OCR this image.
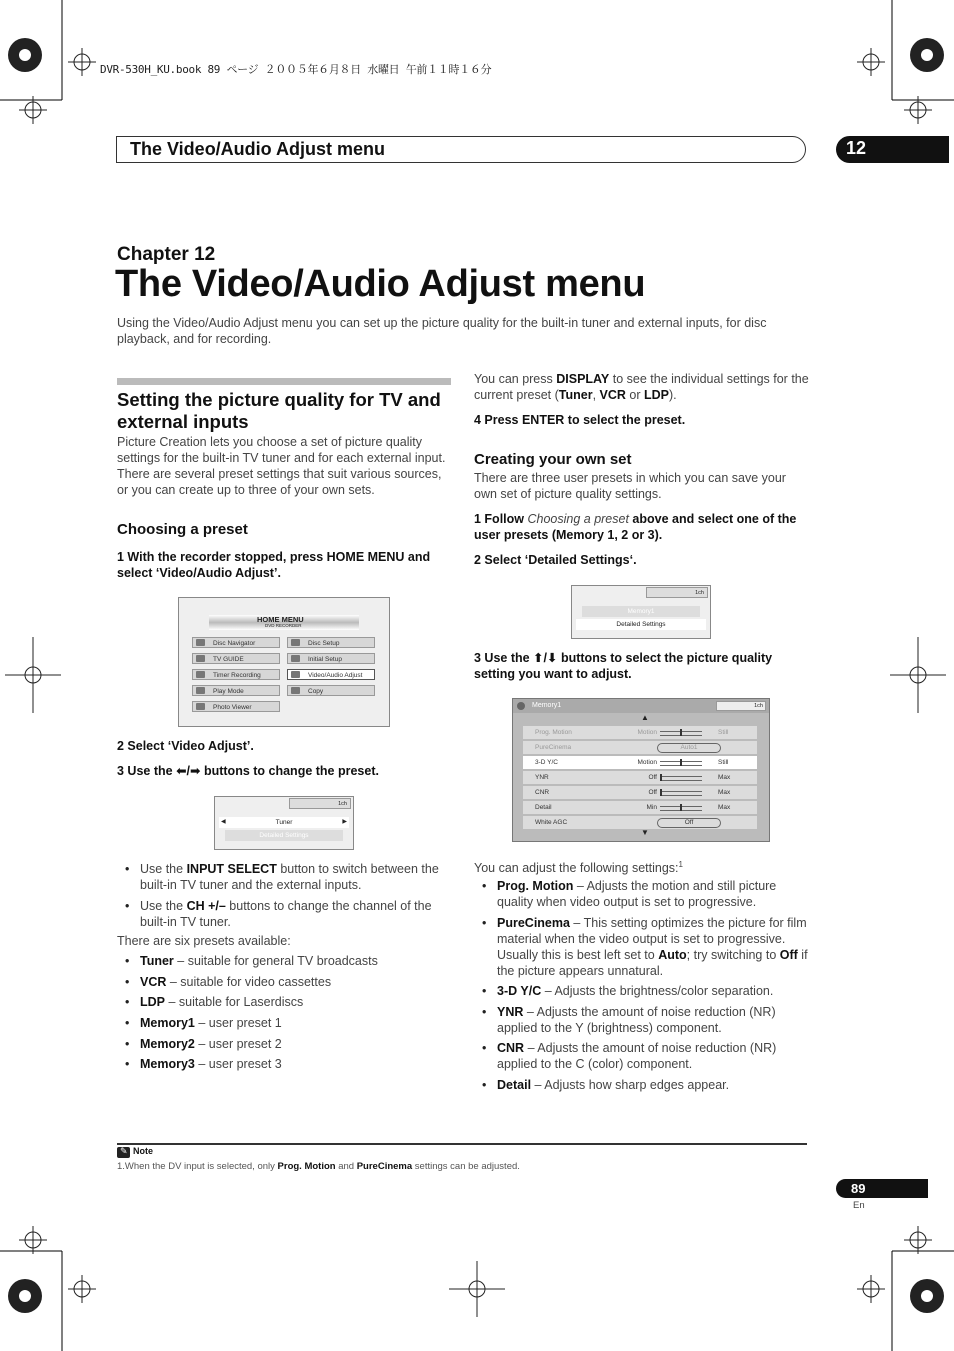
DVR-530H_KU.book 89 ページ ２００５年６月８日 水曜日 午前１１時１６分
The Video/Audio Adjust menu	12
Chapter 12
The Video/Audio Adjust menu
Using the Video/Audio Adjust menu you can set up the picture quality for the built-in tuner and external inputs, for disc playback, and for recording.
Setting the picture quality for TV and external inputs
Picture Creation lets you choose a set of picture quality settings for the built-in TV tuner and for each external input. There are several preset settings that suit various sources, or you can create up to three of your own sets.
Choosing a preset
1 With the recorder stopped, press HOME MENU and select ‘Video/Audio Adjust’.
HOME MENU
DVD RECORDER
Disc Navigator
TV GUIDE
Timer Recording
Play Mode
Photo Viewer
Disc Setup
Initial Setup
Video/Audio Adjust
Copy
2 Select ‘Video Adjust’.
3 Use the ⬅/➡ buttons to change the preset.
1ch
◀	Tuner	▶
Detailed Settings
• Use the INPUT SELECT button to switch between the built-in TV tuner and the external inputs.
• Use the CH +/– buttons to change the channel of the built-in TV tuner.
There are six presets available:
• Tuner – suitable for general TV broadcasts
• VCR – suitable for video cassettes
• LDP – suitable for Laserdiscs
• Memory1 – user preset 1
• Memory2 – user preset 2
• Memory3 – user preset 3
You can press DISPLAY to see the individual settings for the current preset (Tuner, VCR or LDP).
4 Press ENTER to select the preset.
Creating your own set
There are three user presets in which you can save your own set of picture quality settings.
1 Follow Choosing a preset above and select one of the user presets (Memory 1, 2 or 3).
2 Select ‘Detailed Settings‘.
1ch
Memory1
Detailed Settings
3 Use the ⬆/⬇ buttons to select the picture quality setting you want to adjust.
Memory1	1ch
▲
Prog. Motion	Motion	Still
PureCinema	Auto1
3-D Y/C	Motion	Still
YNR	Off	Max
CNR	Off	Max
Detail	Min	Max
White AGC	Off
▼
You can adjust the following settings:$^1$
• Prog. Motion – Adjusts the motion and still picture quality when video output is set to progressive.
• PureCinema – This setting optimizes the picture for film material when the video output is set to progressive. Usually this is best left set to Auto; try switching to Off if the picture appears unnatural.
• 3-D Y/C – Adjusts the brightness/color separation.
• YNR – Adjusts the amount of noise reduction (NR) applied to the Y (brightness) component.
• CNR – Adjusts the amount of noise reduction (NR) applied to the C (color) component.
• Detail – Adjusts how sharp edges appear.
✎ Note
1.When the DV input is selected, only Prog. Motion and PureCinema settings can be adjusted.
89
En
